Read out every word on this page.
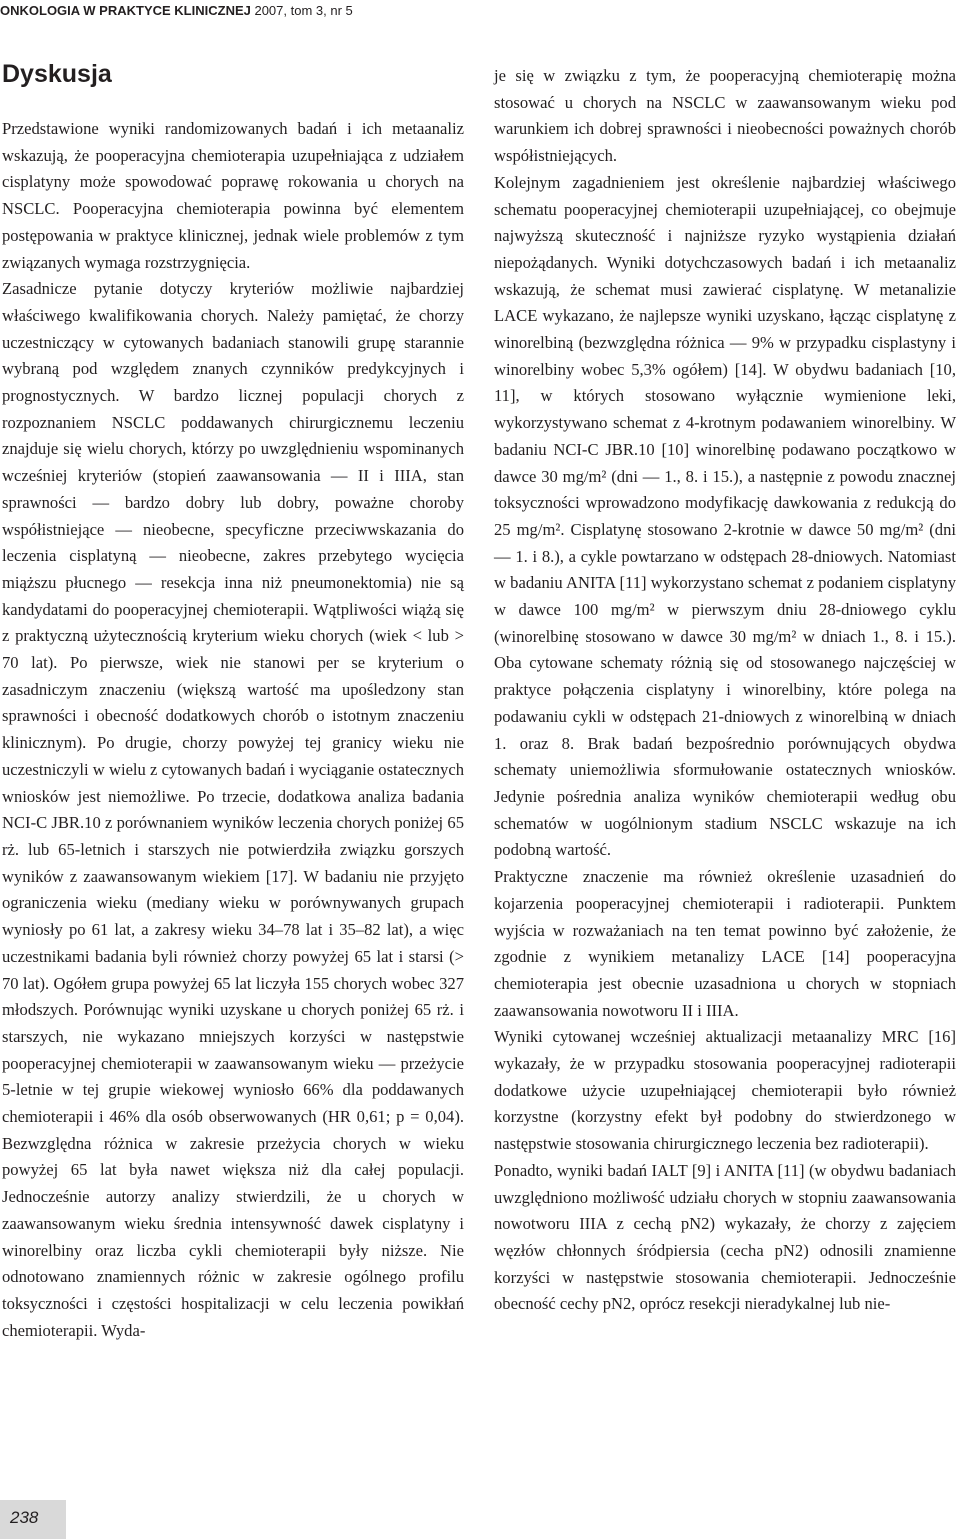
ONKOLOGIA W PRAKTYCE KLINICZNEJ 2007, tom 3, nr 5
Dyskusja

Przedstawione wyniki randomizowanych badań i ich metaanaliz wskazują, że pooperacyjna chemioterapia uzupełniająca z udziałem cisplatyny może spowodować poprawę rokowania u chorych na NSCLC. Pooperacyjna chemioterapia powinna być elementem postępowania w praktyce klinicznej, jednak wiele problemów z tym związanych wymaga rozstrzygnięcia.

Zasadnicze pytanie dotyczy kryteriów możliwie najbardziej właściwego kwalifikowania chorych. Należy pamiętać, że chorzy uczestniczący w cytowanych badaniach stanowili grupę starannie wybraną pod względem znanych czynników predykcyjnych i prognostycznych. W bardzo licznej populacji chorych z rozpoznaniem NSCLC poddawanych chirurgicznemu leczeniu znajduje się wielu chorych, którzy po uwzględnieniu wspominanych wcześniej kryteriów (stopień zaawansowania — II i IIIA, stan sprawności — bardzo dobry lub dobry, poważne choroby współistniejące — nieobecne, specyficzne przeciwwskazania do leczenia cisplatyną — nieobecne, zakres przebytego wycięcia miąższu płucnego — resekcja inna niż pneumonektomia) nie są kandydatami do pooperacyjnej chemioterapii. Wątpliwości wiążą się z praktyczną użytecznością kryterium wieku chorych (wiek < lub > 70 lat). Po pierwsze, wiek nie stanowi per se kryterium o zasadniczym znaczeniu (większą wartość ma upośledzony stan sprawności i obecność dodatkowych chorób o istotnym znaczeniu klinicznym). Po drugie, chorzy powyżej tej granicy wieku nie uczestniczyli w wielu z cytowanych badań i wyciąganie ostatecznych wniosków jest niemożliwe. Po trzecie, dodatkowa analiza badania NCI-C JBR.10 z porównaniem wyników leczenia chorych poniżej 65 rż. lub 65-letnich i starszych nie potwierdziła związku gorszych wyników z zaawansowanym wiekiem [17]. W badaniu nie przyjęto ograniczenia wieku (mediany wieku w porównywanych grupach wyniosły po 61 lat, a zakresy wieku 34–78 lat i 35–82 lat), a więc uczestnikami badania byli również chorzy powyżej 65 lat i starsi (> 70 lat). Ogółem grupa powyżej 65 lat liczyła 155 chorych wobec 327 młodszych. Porównując wyniki uzyskane u chorych poniżej 65 rż. i starszych, nie wykazano mniejszych korzyści w następstwie pooperacyjnej chemioterapii w zaawansowanym wieku — przeżycie 5-letnie w tej grupie wiekowej wyniosło 66% dla poddawanych chemioterapii i 46% dla osób obserwowanych (HR 0,61; p = 0,04). Bezwzględna różnica w zakresie przeżycia chorych w wieku powyżej 65 lat była nawet większa niż dla całej populacji. Jednocześnie autorzy analizy stwierdzili, że u chorych w zaawansowanym wieku średnia intensywność dawek cisplatyny i winorelbiny oraz liczba cykli chemioterapii były niższe. Nie odnotowano znamiennych różnic w zakresie ogólnego profilu toksyczności i częstości hospitalizacji w celu leczenia powikłań chemioterapii. Wyda-

je się w związku z tym, że pooperacyjną chemioterapię można stosować u chorych na NSCLC w zaawansowanym wieku pod warunkiem ich dobrej sprawności i nieobecności poważnych chorób współistniejących.

Kolejnym zagadnieniem jest określenie najbardziej właściwego schematu pooperacyjnej chemioterapii uzupełniającej, co obejmuje najwyższą skuteczność i najniższe ryzyko wystąpienia działań niepożądanych. Wyniki dotychczasowych badań i ich metaanaliz wskazują, że schemat musi zawierać cisplatynę. W metanalizie LACE wykazano, że najlepsze wyniki uzyskano, łącząc cisplatynę z winorelbiną (bezwzględna różnica — 9% w przypadku cisplastyny i winorelbiny wobec 5,3% ogółem) [14]. W obydwu badaniach [10, 11], w których stosowano wyłącznie wymienione leki, wykorzystywano schemat z 4-krotnym podawaniem winorelbiny. W badaniu NCI-C JBR.10 [10] winorelbinę podawano początkowo w dawce 30 mg/m² (dni — 1., 8. i 15.), a następnie z powodu znacznej toksyczności wprowadzono modyfikację dawkowania z redukcją do 25 mg/m². Cisplatynę stosowano 2-krotnie w dawce 50 mg/m² (dni — 1. i 8.), a cykle powtarzano w odstępach 28-dniowych. Natomiast w badaniu ANITA [11] wykorzystano schemat z podaniem cisplatyny w dawce 100 mg/m² w pierwszym dniu 28-dniowego cyklu (winorelbinę stosowano w dawce 30 mg/m² w dniach 1., 8. i 15.). Oba cytowane schematy różnią się od stosowanego najczęściej w praktyce połączenia cisplatyny i winorelbiny, które polega na podawaniu cykli w odstępach 21-dniowych z winorelbiną w dniach 1. oraz 8. Brak badań bezpośrednio porównujących obydwa schematy uniemożliwia sformułowanie ostatecznych wniosków. Jedynie pośrednia analiza wyników chemioterapii według obu schematów w uogólnionym stadium NSCLC wskazuje na ich podobną wartość.

Praktyczne znaczenie ma również określenie uzasadnień do kojarzenia pooperacyjnej chemioterapii i radioterapii. Punktem wyjścia w rozważaniach na ten temat powinno być założenie, że zgodnie z wynikiem metanalizy LACE [14] pooperacyjna chemioterapia jest obecnie uzasadniona u chorych w stopniach zaawansowania nowotworu II i IIIA.

Wyniki cytowanej wcześniej aktualizacji metaanalizy MRC [16] wykazały, że w przypadku stosowania pooperacyjnej radioterapii dodatkowe użycie uzupełniającej chemioterapii było również korzystne (korzystny efekt był podobny do stwierdzonego w następstwie stosowania chirurgicznego leczenia bez radioterapii).

Ponadto, wyniki badań IALT [9] i ANITA [11] (w obydwu badaniach uwzględniono możliwość udziału chorych w stopniu zaawansowania nowotworu IIIA z cechą pN2) wykazały, że chorzy z zajęciem węzłów chłonnych śródpiersia (cecha pN2) odnosili znamienne korzyści w następstwie stosowania chemioterapii. Jednocześnie obecność cechy pN2, oprócz resekcji nieradykalnej lub nie-

238
